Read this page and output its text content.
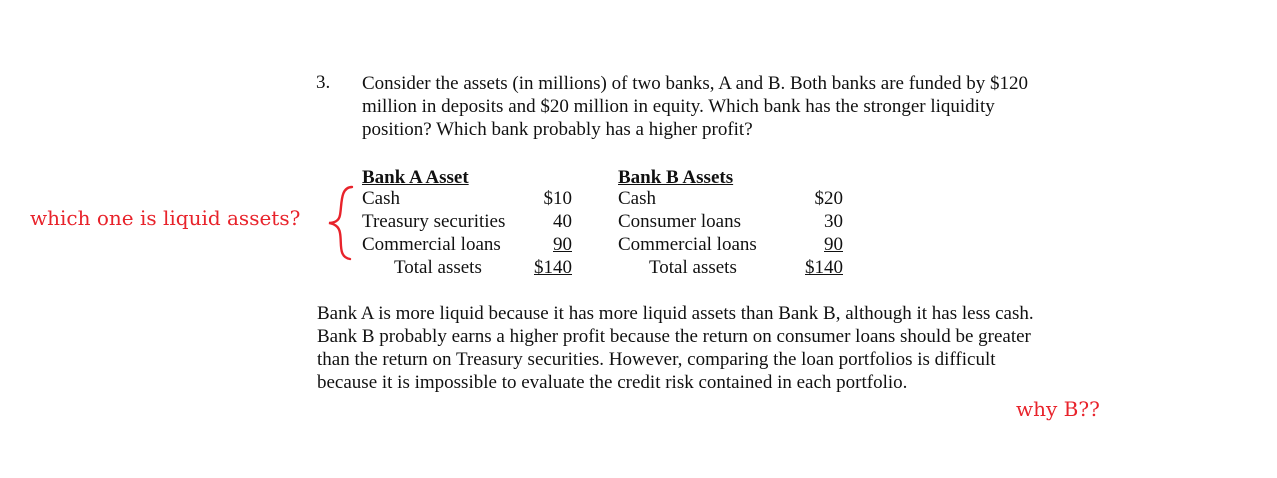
3. Consider the assets (in millions) of two banks, A and B. Both banks are funded by $120
million in deposits and $20 million in equity. Which bank has the stronger liquidity
position? Which bank probably has a higher profit?
Bank A Asset
Cash	$10
Treasury securities	40
Commercial loans	90
Total assets	$140
Bank B Assets
Cash	$20
Consumer loans	30
Commercial loans	90
Total assets	$140
Bank A is more liquid because it has more liquid assets than Bank B, although it has less cash.
Bank B probably earns a higher profit because the return on consumer loans should be greater
than the return on Treasury securities. However, comparing the loan portfolios is difficult
because it is impossible to evaluate the credit risk contained in each portfolio.
which one is liquid assets?
why B??
